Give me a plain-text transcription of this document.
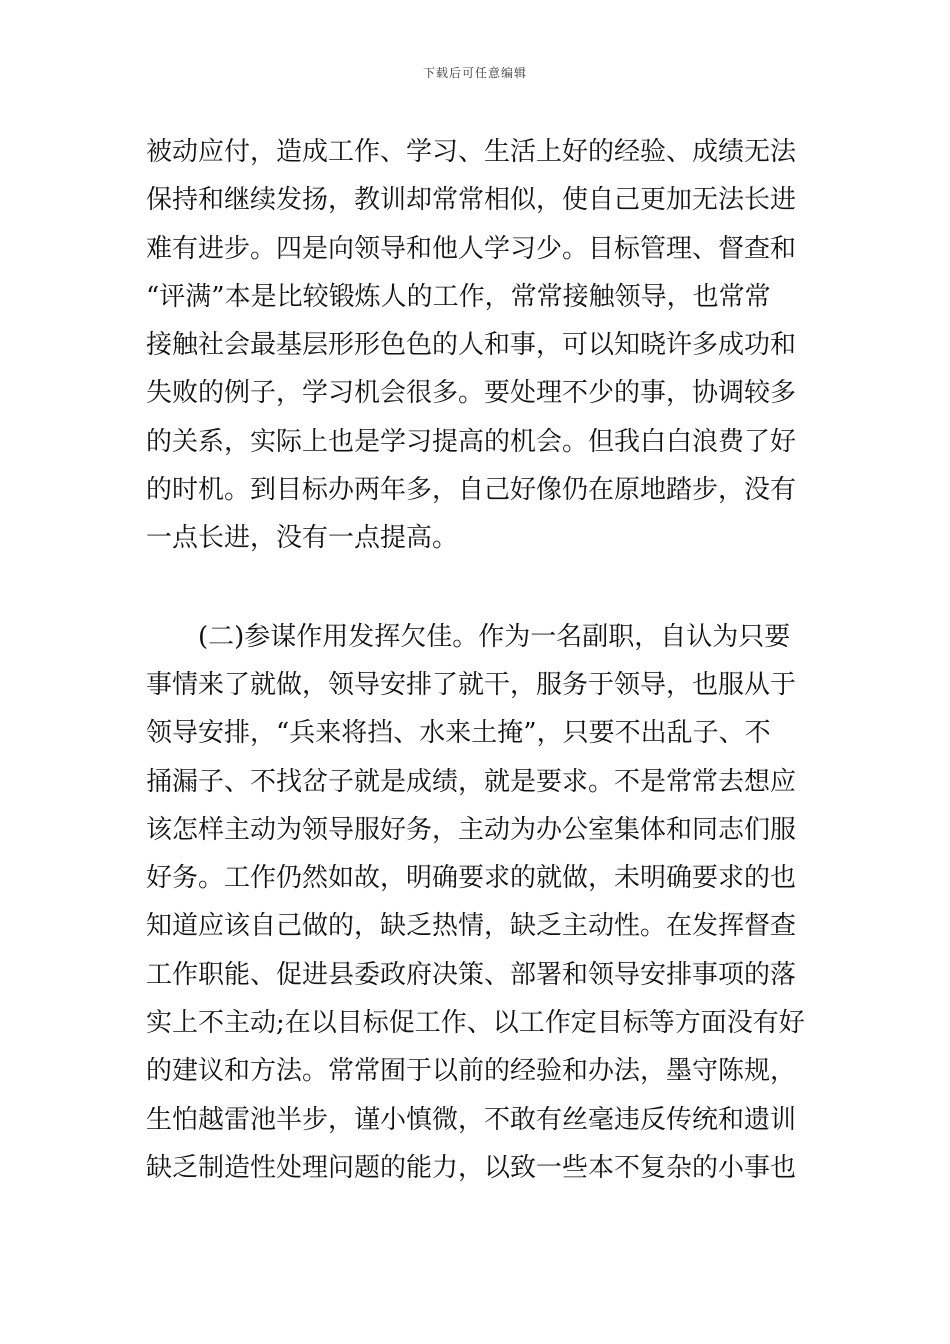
下载后可任意编辑
被动应付，造成工作、学习、生活上好的经验、成绩无法
保持和继续发扬，教训却常常相似，使自己更加无法长进
难有进步。四是向领导和他人学习少。目标管理、督查和
“评满”本是比较锻炼人的工作，常常接触领导，也常常
接触社会最基层形形色色的人和事，可以知晓许多成功和
失败的例子，学习机会很多。要处理不少的事，协调较多
的关系，实际上也是学习提高的机会。但我白白浪费了好
的时机。到目标办两年多，自己好像仍在原地踏步，没有
一点长进，没有一点提高。
(二)参谋作用发挥欠佳。作为一名副职，自认为只要
事情来了就做，领导安排了就干，服务于领导，也服从于
领导安排，“兵来将挡、水来土掩”，只要不出乱子、不
捅漏子、不找岔子就是成绩，就是要求。不是常常去想应
该怎样主动为领导服好务，主动为办公室集体和同志们服
好务。工作仍然如故，明确要求的就做，未明确要求的也
知道应该自己做的，缺乏热情，缺乏主动性。在发挥督查
工作职能、促进县委政府决策、部署和领导安排事项的落
实上不主动;在以目标促工作、以工作定目标等方面没有好
的建议和方法。常常囿于以前的经验和办法，墨守陈规，
生怕越雷池半步，谨小慎微，不敢有丝毫违反传统和遗训
缺乏制造性处理问题的能力，以致一些本不复杂的小事也
